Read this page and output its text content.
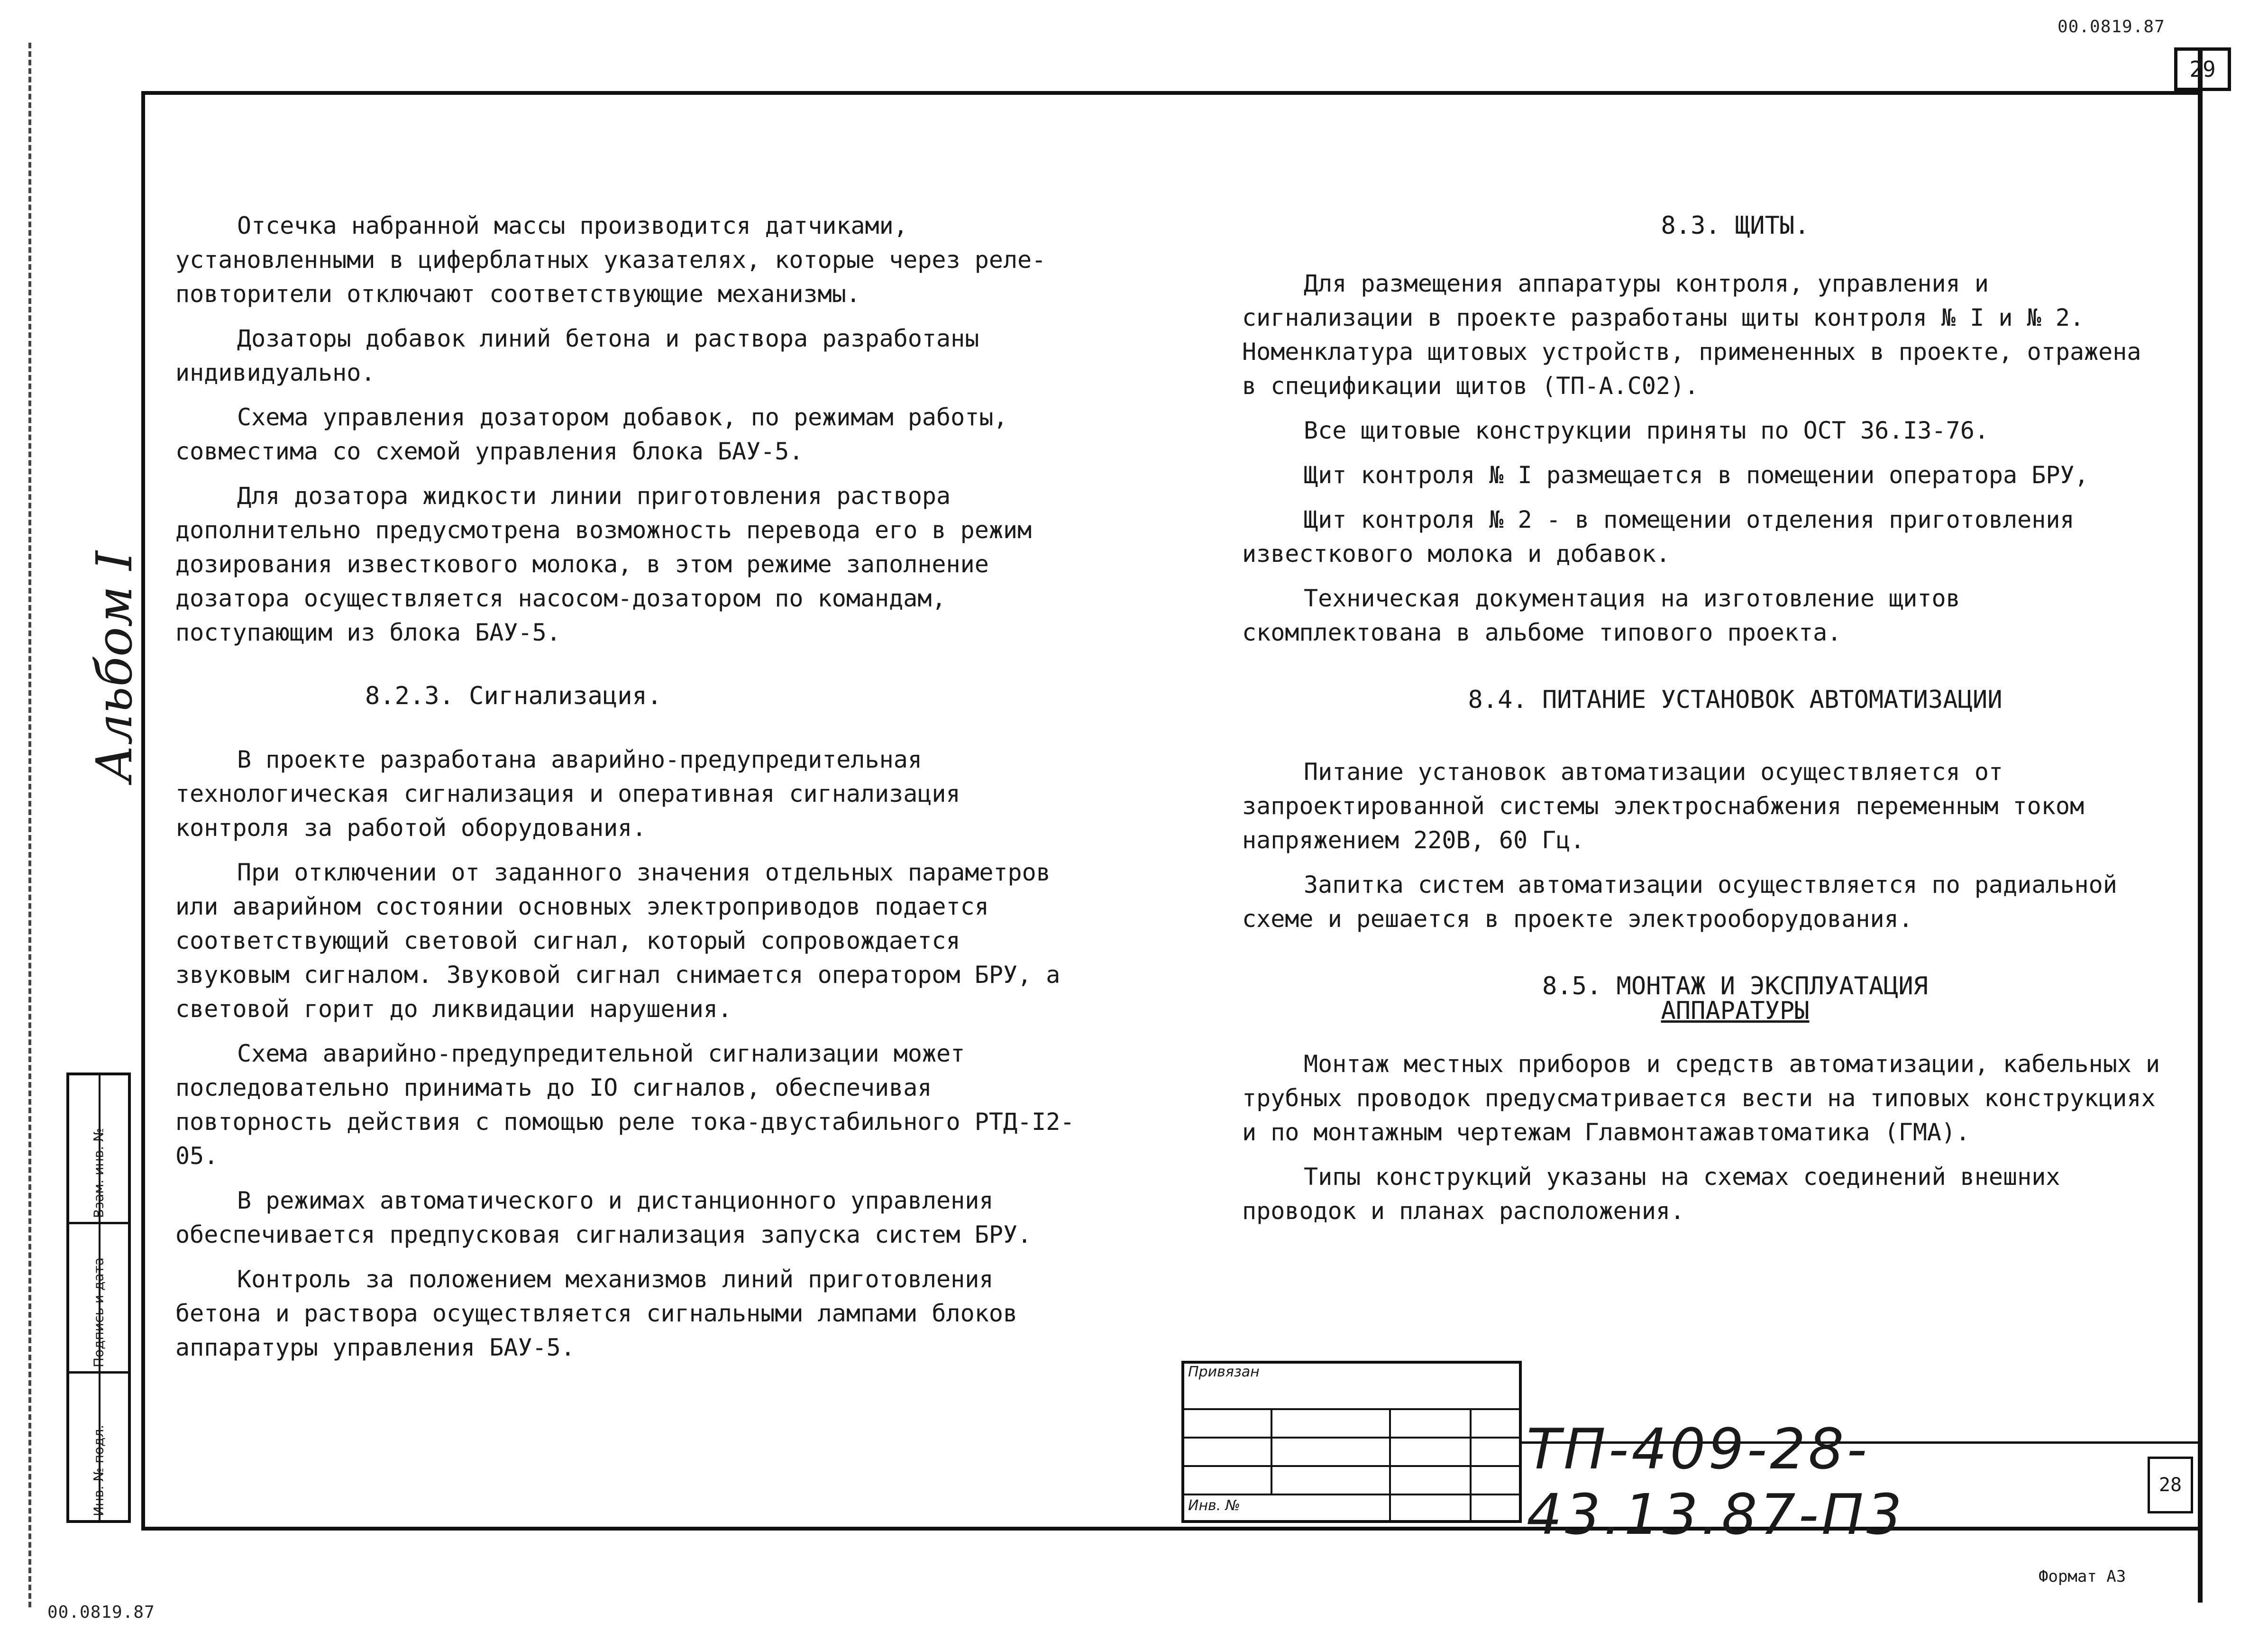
00.0819.87
29
Альбом I
Взам. инв. №
Подпись и дата
Инв. № подл.

Отсечка набранной массы производится датчиками, установленными в циферблатных указателях, которые через реле-повторители отключают соответствующие механизмы.

Дозаторы добавок линий бетона и раствора разработаны индивидуально.

Схема управления дозатором добавок, по режимам работы, совместима со схемой управления блока БАУ-5.

Для дозатора жидкости линии приготовления раствора дополнительно предусмотрена возможность перевода его в режим дозирования известкового молока, в этом режиме заполнение дозатора осуществляется насосом-дозатором по командам, поступающим из блока БАУ-5.

8.2.3. Сигнализация.

В проекте разработана аварийно-предупредительная технологическая сигнализация и оперативная сигнализация контроля за работой оборудования.

При отключении от заданного значения отдельных параметров или аварийном состоянии основных электроприводов подается соответствующий световой сигнал, который сопровождается звуковым сигналом. Звуковой сигнал снимается оператором БРУ, а световой горит до ликвидации нарушения.

Схема аварийно-предупредительной сигнализации может последовательно принимать до IO сигналов, обеспечивая повторность действия с помощью реле тока-двустабильного РТД-I2-05.

В режимах автоматического и дистанционного управления обеспечивается предпусковая сигнализация запуска систем БРУ.

Контроль за положением механизмов линий приготовления бетона и раствора осуществляется сигнальными лампами блоков аппаратуры управления БАУ-5.

8.3. ЩИТЫ.

Для размещения аппаратуры контроля, управления и сигнализации в проекте разработаны щиты контроля № I и № 2. Номенклатура щитовых устройств, примененных в проекте, отражена в спецификации щитов (ТП-А.С02).

Все щитовые конструкции приняты по ОСТ 36.I3-76.

Щит контроля № I размещается в помещении оператора БРУ,

Щит контроля № 2 - в помещении отделения приготовления известкового молока и добавок.

Техническая документация на изготовление щитов скомплектована в альбоме типового проекта.

8.4. ПИТАНИЕ УСТАНОВОК АВТОМАТИЗАЦИИ

Питание установок автоматизации осуществляется от запроектированной системы электроснабжения переменным током напряжением 220В, 60 Гц.

Запитка систем автоматизации осуществляется по радиальной схеме и решается в проекте электрооборудования.

8.5. МОНТАЖ И ЭКСПЛУАТАЦИЯ

АППАРАТУРЫ

Монтаж местных приборов и средств автоматизации, кабельных и трубных проводок предусматривается вести на типовых конструкциях и по монтажным чертежам Главмонтажавтоматика (ГМА).

Типы конструкций указаны на схемах соединений внешних проводок и планах расположения.

Привязан
Инв. №
ТП-409-28-43.13.87-П3	28
Формат А3
00.0819.87
